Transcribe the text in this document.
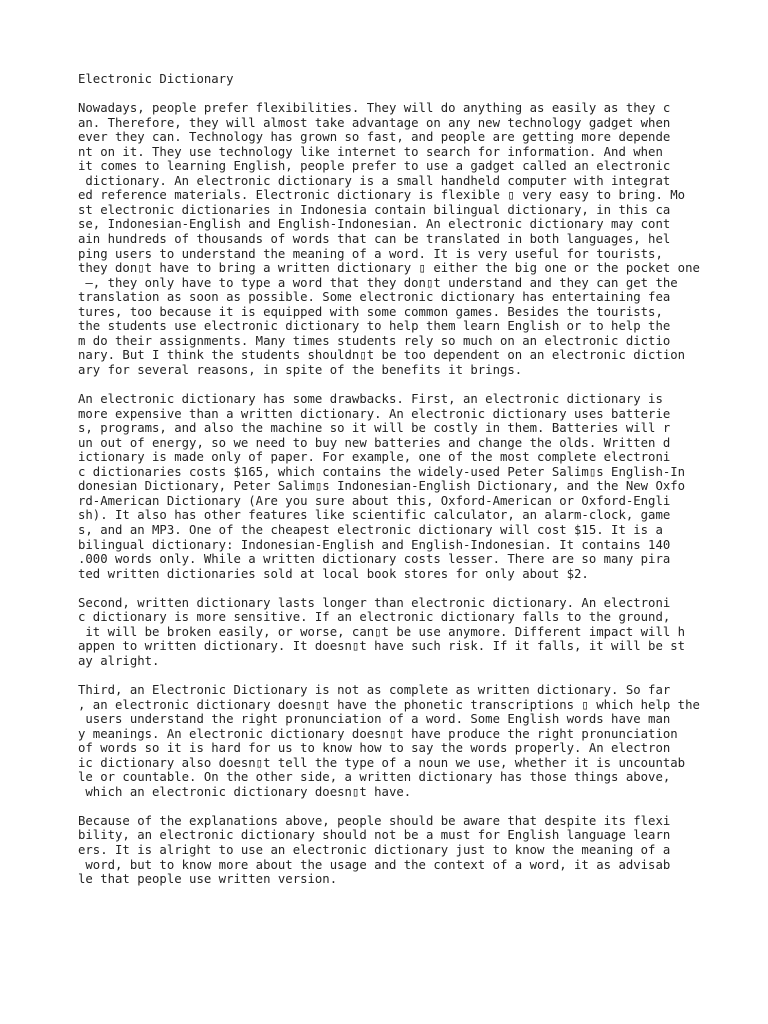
Electronic Dictionary
Nowadays, people prefer flexibilities. They will do anything as easily as they c
an. Therefore, they will almost take advantage on any new technology gadget when
ever they can. Technology has grown so fast, and people are getting more depende
nt on it. They use technology like internet to search for information. And when
it comes to learning English, people prefer to use a gadget called an electronic
dictionary. An electronic dictionary is a small handheld computer with integrat
ed reference materials. Electronic dictionary is flexible ▯ very easy to bring. Mo
st electronic dictionaries in Indonesia contain bilingual dictionary, in this ca
se, Indonesian-English and English-Indonesian. An electronic dictionary may cont
ain hundreds of thousands of words that can be translated in both languages, hel
ping users to understand the meaning of a word. It is very useful for tourists,
they don▯t have to bring a written dictionary ▯ either the big one or the pocket one
–, they only have to type a word that they don▯t understand and they can get the
translation as soon as possible. Some electronic dictionary has entertaining fea
tures, too because it is equipped with some common games. Besides the tourists,
the students use electronic dictionary to help them learn English or to help the
m do their assignments. Many times students rely so much on an electronic dictio
nary. But I think the students shouldn▯t be too dependent on an electronic diction
ary for several reasons, in spite of the benefits it brings.
An electronic dictionary has some drawbacks. First, an electronic dictionary is
more expensive than a written dictionary. An electronic dictionary uses batterie
s, programs, and also the machine so it will be costly in them. Batteries will r
un out of energy, so we need to buy new batteries and change the olds. Written d
ictionary is made only of paper. For example, one of the most complete electroni
c dictionaries costs $165, which contains the widely-used Peter Salim▯s English-In
donesian Dictionary, Peter Salim▯s Indonesian-English Dictionary, and the New Oxfo
rd-American Dictionary (Are you sure about this, Oxford-American or Oxford-Engli
sh). It also has other features like scientific calculator, an alarm-clock, game
s, and an MP3. One of the cheapest electronic dictionary will cost $15. It is a
bilingual dictionary: Indonesian-English and English-Indonesian. It contains 140
.000 words only. While a written dictionary costs lesser. There are so many pira
ted written dictionaries sold at local book stores for only about $2.
Second, written dictionary lasts longer than electronic dictionary. An electroni
c dictionary is more sensitive. If an electronic dictionary falls to the ground,
it will be broken easily, or worse, can▯t be use anymore. Different impact will h
appen to written dictionary. It doesn▯t have such risk. If it falls, it will be st
ay alright.
Third, an Electronic Dictionary is not as complete as written dictionary. So far
, an electronic dictionary doesn▯t have the phonetic transcriptions ▯ which help the
users understand the right pronunciation of a word. Some English words have man
y meanings. An electronic dictionary doesn▯t have produce the right pronunciation
of words so it is hard for us to know how to say the words properly. An electron
ic dictionary also doesn▯t tell the type of a noun we use, whether it is uncountab
le or countable. On the other side, a written dictionary has those things above,
which an electronic dictionary doesn▯t have.
Because of the explanations above, people should be aware that despite its flexi
bility, an electronic dictionary should not be a must for English language learn
ers. It is alright to use an electronic dictionary just to know the meaning of a
word, but to know more about the usage and the context of a word, it as advisab
le that people use written version.
